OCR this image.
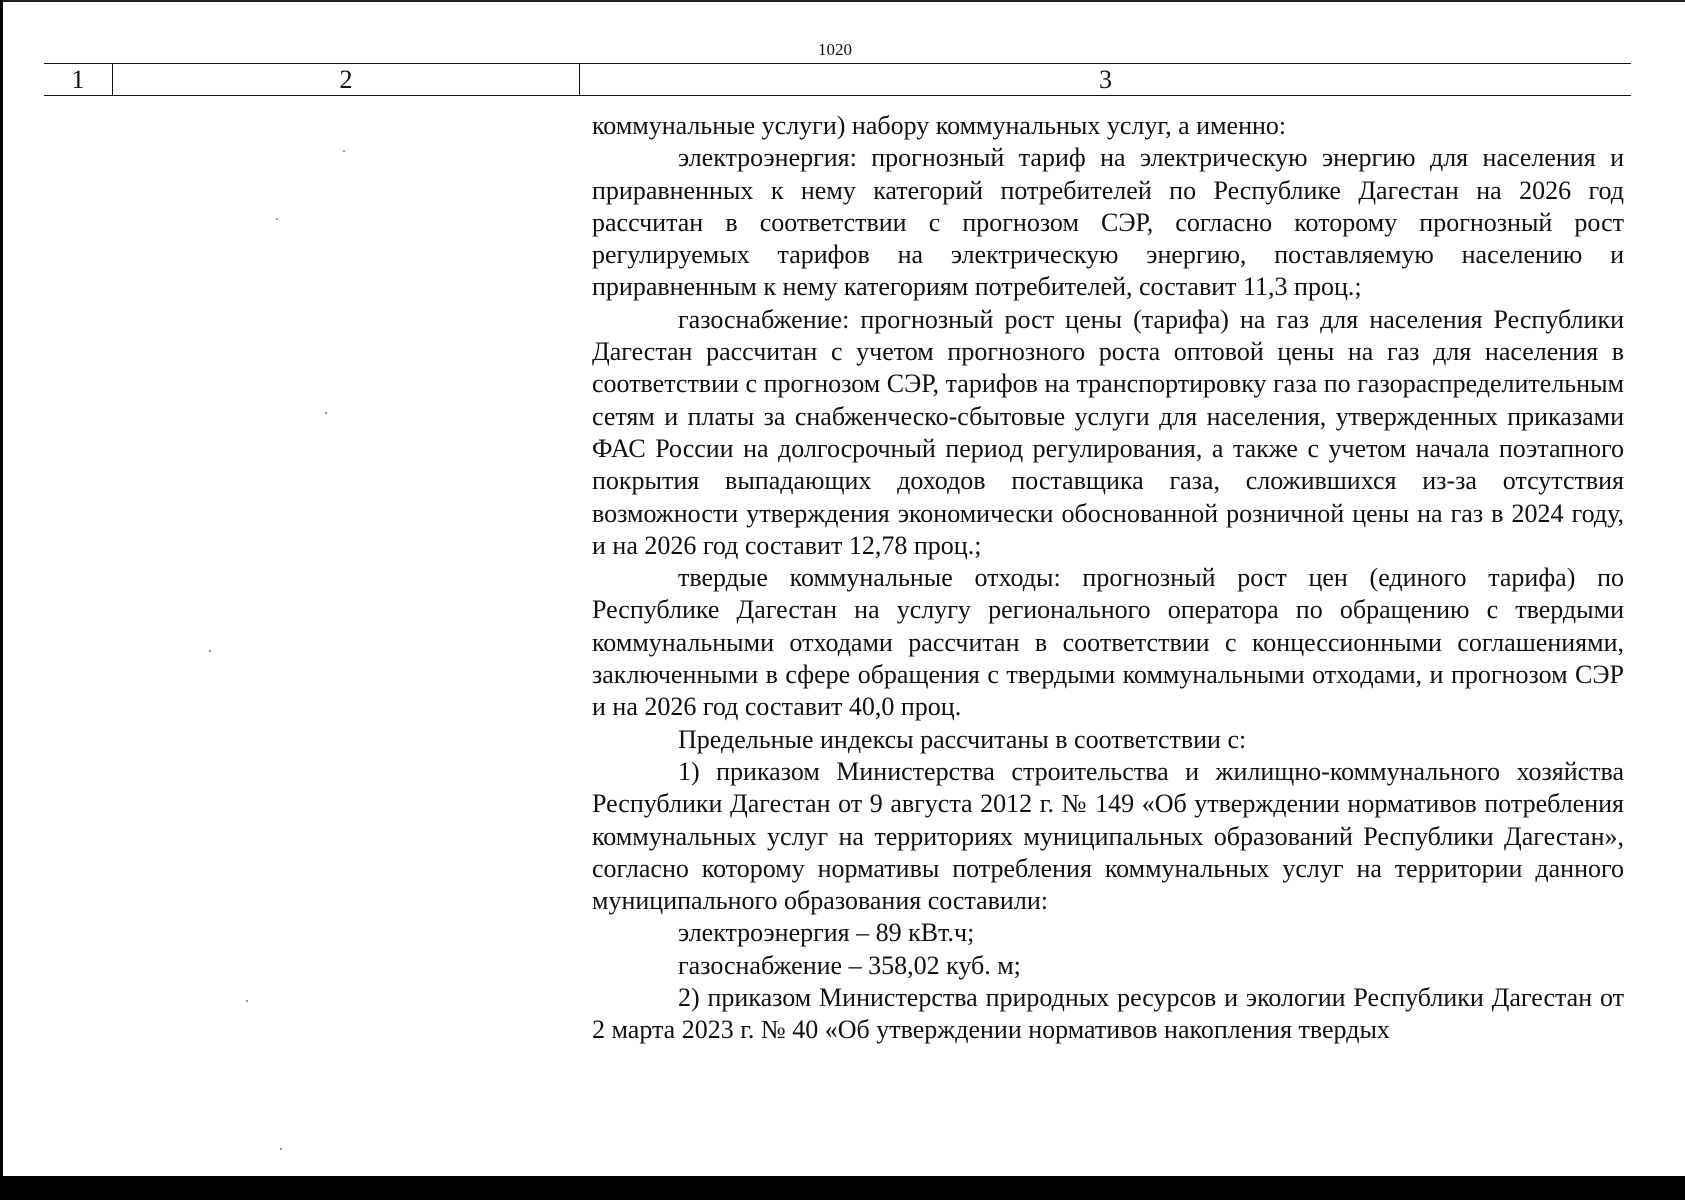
1020
1	2	3

коммунальные услуги) набору коммунальных услуг, а именно:

электроэнергия: прогнозный тариф на электрическую энергию для населения и приравненных к нему категорий потребителей по Республике Дагестан на 2026 год рассчитан в соответствии с прогнозом СЭР, согласно которому прогнозный рост регулируемых тарифов на электрическую энергию, поставляемую населению и приравненным к нему категориям потребителей, составит 11,3 проц.;

газоснабжение: прогнозный рост цены (тарифа) на газ для населения Республики Дагестан рассчитан с учетом прогнозного роста оптовой цены на газ для населения в соответствии с прогнозом СЭР, тарифов на транспортировку газа по газораспределительным сетям и платы за снабженческо-сбытовые услуги для населения, утвержденных приказами ФАС России на долгосрочный период регулирования, а также с учетом начала поэтапного покрытия выпадающих доходов поставщика газа, сложившихся из-за отсутствия возможности утверждения экономически обоснованной розничной цены на газ в 2024 году, и на 2026 год составит 12,78 проц.;

твердые коммунальные отходы: прогнозный рост цен (единого тарифа) по Республике Дагестан на услугу регионального оператора по обращению с твердыми коммунальными отходами рассчитан в соответствии с концессионными соглашениями, заключенными в сфере обращения с твердыми коммунальными отходами, и прогнозом СЭР и на 2026 год составит 40,0 проц.

Предельные индексы рассчитаны в соответствии с:

1) приказом Министерства строительства и жилищно-коммунального хозяйства Республики Дагестан от 9 августа 2012 г. № 149 «Об утверждении нормативов потребления коммунальных услуг на территориях муниципальных образований Республики Дагестан», согласно которому нормативы потребления коммунальных услуг на территории данного муниципального образования составили:

электроэнергия – 89 кВт.ч;

газоснабжение – 358,02 куб. м;

2) приказом Министерства природных ресурсов и экологии Республики Дагестан от 2 марта 2023 г. № 40 «Об утверждении нормативов накопления твердых
